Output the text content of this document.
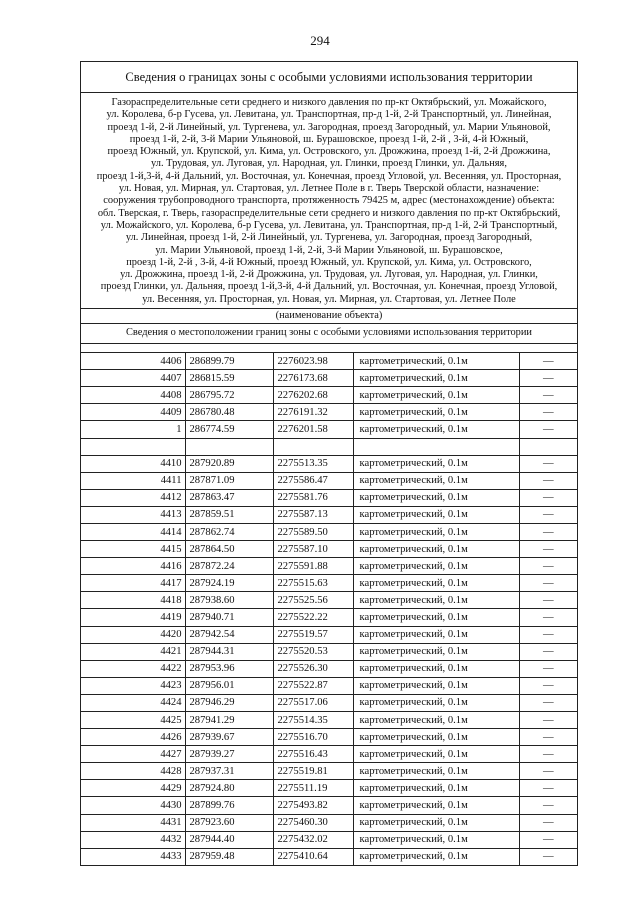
294
Сведения о границах зоны с особыми условиями использования территории
Газораспределительные сети среднего и низкого давления по пр-кт Октябрьский, ул. Можайского,
ул. Королева, б-р Гусева, ул. Левитана, ул. Транспортная, пр-д 1-й, 2-й Транспортный, ул. Линейная,
проезд 1-й, 2-й Линейный, ул. Тургенева, ул. Загородная, проезд Загородный, ул. Марии Ульяновой,
проезд 1-й, 2-й, 3-й Марии Ульяновой, ш. Бурашовское, проезд 1-й, 2-й , 3-й, 4-й Южный,
проезд Южный, ул. Крупской, ул. Кима, ул. Островского, ул. Дрожжина, проезд 1-й, 2-й Дрожжина,
ул. Трудовая, ул. Луговая, ул. Народная, ул. Глинки, проезд Глинки, ул. Дальняя,
проезд 1-й,3-й, 4-й Дальний, ул. Восточная, ул. Конечная, проезд Угловой, ул. Весенняя, ул. Просторная,
ул. Новая, ул. Мирная, ул. Стартовая, ул. Летнее Поле в г. Тверь Тверской области, назначение:
сооружения трубопроводного транспорта, протяженность 79425 м, адрес (местонахождение) объекта:
обл. Тверская, г. Тверь, газораспределительные сети среднего и низкого давления по пр-кт Октябрьский,
ул. Можайского, ул. Королева, б-р Гусева, ул. Левитана, ул. Транспортная, пр-д 1-й, 2-й Транспортный,
ул. Линейная, проезд 1-й, 2-й Линейный, ул. Тургенева, ул. Загородная, проезд Загородный,
ул. Марии Ульяновой, проезд 1-й, 2-й, 3-й Марии Ульяновой, ш. Бурашовское,
проезд 1-й, 2-й , 3-й, 4-й Южный, проезд Южный, ул. Крупской, ул. Кима, ул. Островского,
ул. Дрожжина, проезд 1-й, 2-й Дрожжина, ул. Трудовая, ул. Луговая, ул. Народная, ул. Глинки,
проезд Глинки, ул. Дальняя, проезд 1-й,3-й, 4-й Дальний, ул. Восточная, ул. Конечная, проезд Угловой,
ул. Весенняя, ул. Просторная, ул. Новая, ул. Мирная, ул. Стартовая, ул. Летнее Поле
(наименование объекта)
Сведения о местоположении границ зоны с особыми условиями использования территории
4406	286899.79	2276023.98	картометрический, 0.1м	—
4407	286815.59	2276173.68	картометрический, 0.1м	—
4408	286795.72	2276202.68	картометрический, 0.1м	—
4409	286780.48	2276191.32	картометрический, 0.1м	—
1	286774.59	2276201.58	картометрический, 0.1м	—

4410	287920.89	2275513.35	картометрический, 0.1м	—
4411	287871.09	2275586.47	картометрический, 0.1м	—
4412	287863.47	2275581.76	картометрический, 0.1м	—
4413	287859.51	2275587.13	картометрический, 0.1м	—
4414	287862.74	2275589.50	картометрический, 0.1м	—
4415	287864.50	2275587.10	картометрический, 0.1м	—
4416	287872.24	2275591.88	картометрический, 0.1м	—
4417	287924.19	2275515.63	картометрический, 0.1м	—
4418	287938.60	2275525.56	картометрический, 0.1м	—
4419	287940.71	2275522.22	картометрический, 0.1м	—
4420	287942.54	2275519.57	картометрический, 0.1м	—
4421	287944.31	2275520.53	картометрический, 0.1м	—
4422	287953.96	2275526.30	картометрический, 0.1м	—
4423	287956.01	2275522.87	картометрический, 0.1м	—
4424	287946.29	2275517.06	картометрический, 0.1м	—
4425	287941.29	2275514.35	картометрический, 0.1м	—
4426	287939.67	2275516.70	картометрический, 0.1м	—
4427	287939.27	2275516.43	картометрический, 0.1м	—
4428	287937.31	2275519.81	картометрический, 0.1м	—
4429	287924.80	2275511.19	картометрический, 0.1м	—
4430	287899.76	2275493.82	картометрический, 0.1м	—
4431	287923.60	2275460.30	картометрический, 0.1м	—
4432	287944.40	2275432.02	картометрический, 0.1м	—
4433	287959.48	2275410.64	картометрический, 0.1м	—
